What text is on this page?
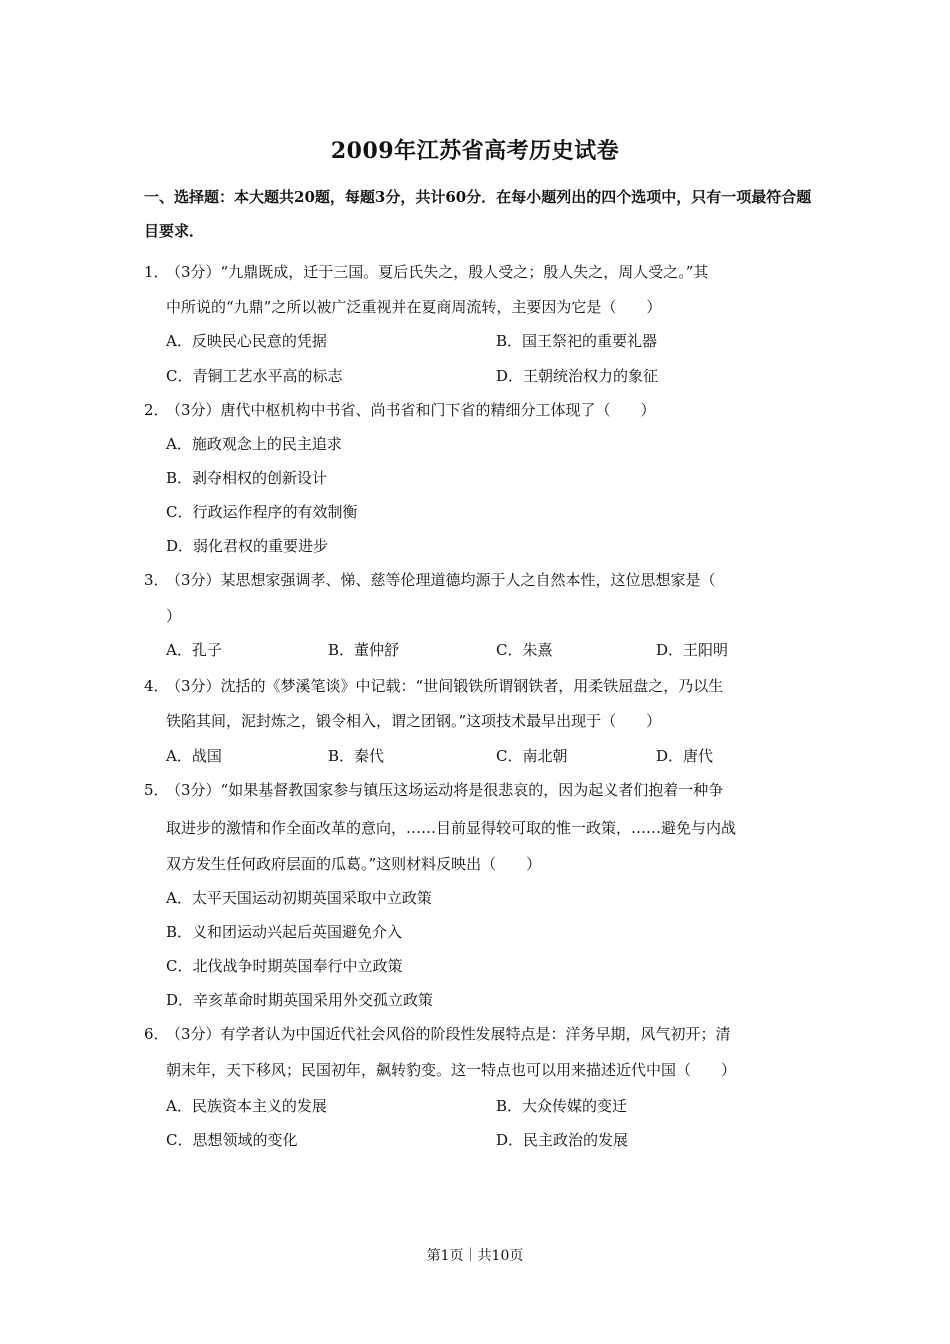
2009年江苏省高考历史试卷
一、选择题：本大题共20题，每题3分，共计60分．在每小题列出的四个选项中，只有一项最符合题目要求．
1．
（3分）“九鼎既成，迁于三国。夏后氏失之，殷人受之；殷人失之，周人受之。”其
中所说的“九鼎”之所以被广泛重视并在夏商周流转，主要因为它是（　　）
A．反映民心民意的凭据	B．国王祭祀的重要礼器
C．青铜工艺水平高的标志	D．王朝统治权力的象征
2．
（3分）唐代中枢机构中书省、尚书省和门下省的精细分工体现了（　　）
A．施政观念上的民主追求
B．剥夺相权的创新设计
C．行政运作程序的有效制衡
D．弱化君权的重要进步
3．
（3分）某思想家强调孝、悌、慈等伦理道德均源于人之自然本性，这位思想家是（
）
A．孔子	B．董仲舒	C．朱熹	D．王阳明
4．
（3分）沈括的《梦溪笔谈》中记载：“世间锻铁所谓钢铁者，用柔铁屈盘之，乃以生
铁陷其间，泥封炼之，锻令相入，谓之团钢。”这项技术最早出现于（　　）
A．战国	B．秦代	C．南北朝	D．唐代
5．
（3分）“如果基督教国家参与镇压这场运动将是很悲哀的，因为起义者们抱着一种争
取进步的激情和作全面改革的意向，……目前显得较可取的惟一政策，……避免与内战
双方发生任何政府层面的瓜葛。”这则材料反映出（　　）
A．太平天国运动初期英国采取中立政策
B．义和团运动兴起后英国避免介入
C．北伐战争时期英国奉行中立政策
D．辛亥革命时期英国采用外交孤立政策
6．
（3分）有学者认为中国近代社会风俗的阶段性发展特点是：洋务早期，风气初开；清
朝末年，天下移风；民国初年，飙转豹变。这一特点也可以用来描述近代中国（　　）
A．民族资本主义的发展	B．大众传媒的变迁
C．思想领域的变化	D．民主政治的发展
第1页｜共10页
